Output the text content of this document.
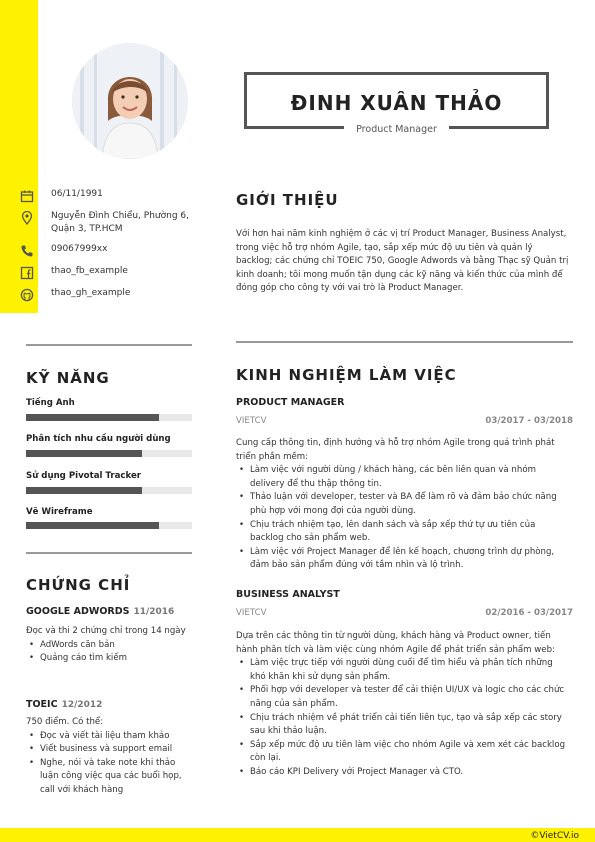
©VietCV.io
06/11/1991
Nguyễn Đình Chiểu, Phường 6, Quận 3, TP.HCM
09067999xx
thao_fb_example
thao_gh_example
ĐINH XUÂN THẢO
Product Manager
GIỚI THIỆU
Với hơn hai năm kinh nghiệm ở các vị trí Product Manager, Business Analyst, trong việc hỗ trợ nhóm Agile, tạo, sắp xếp mức độ ưu tiên và quản lý backlog; các chứng chỉ TOEIC 750, Google Adwords và bằng Thạc sỹ Quản trị kinh doanh; tôi mong muốn tận dụng các kỹ năng và kiến thức của mình để đóng góp cho công ty với vai trò là Product Manager.
KỸ NĂNG
Tiếng Anh
Phân tích nhu cầu người dùng
Sử dụng Pivotal Tracker
Vẽ Wireframe
CHỨNG CHỈ
GOOGLE ADWORDS 11/2016
Đọc và thi 2 chứng chỉ trong 14 ngày
• AdWords căn bản
• Quảng cáo tìm kiếm
TOEIC 12/2012
750 điểm. Có thể:
• Đọc và viết tài liệu tham khảo
• Viết business và support email
• Nghe, nói và take note khi thảo luận công việc qua các buổi họp, call với khách hàng
KINH NGHIỆM LÀM VIỆC
PRODUCT MANAGER
VIETCV	03/2017 - 03/2018
Cung cấp thông tin, định hướng và hỗ trợ nhóm Agile trong quá trình phát triển phần mềm:
• Làm việc với người dùng / khách hàng, các bên liên quan và nhóm delivery để thu thập thông tin.
• Thảo luận với developer, tester và BA để làm rõ và đảm bảo chức năng phù hợp với mong đợi của người dùng.
• Chịu trách nhiệm tạo, lên danh sách và sắp xếp thứ tự ưu tiên của backlog cho sản phẩm web.
• Làm việc với Project Manager để lên kế hoạch, chương trình dự phòng, đảm bảo sản phẩm đúng với tầm nhìn và lộ trình.
BUSINESS ANALYST
VIETCV	02/2016 - 03/2017
Dựa trên các thông tin từ người dùng, khách hàng và Product owner, tiến hành phân tích và làm việc cùng nhóm Agile để phát triển sản phẩm web:
• Làm việc trực tiếp với người dùng cuối để tìm hiểu và phân tích những khó khăn khi sử dụng sản phẩm.
• Phối hợp với developer và tester để cải thiện UI/UX và logic cho các chức năng của sản phẩm.
• Chịu trách nhiệm về phát triển cải tiến liên tục, tạo và sắp xếp các story sau khi thảo luận.
• Sắp xếp mức độ ưu tiên làm việc cho nhóm Agile và xem xét các backlog còn lại.
• Báo cáo KPI Delivery với Project Manager và CTO.
